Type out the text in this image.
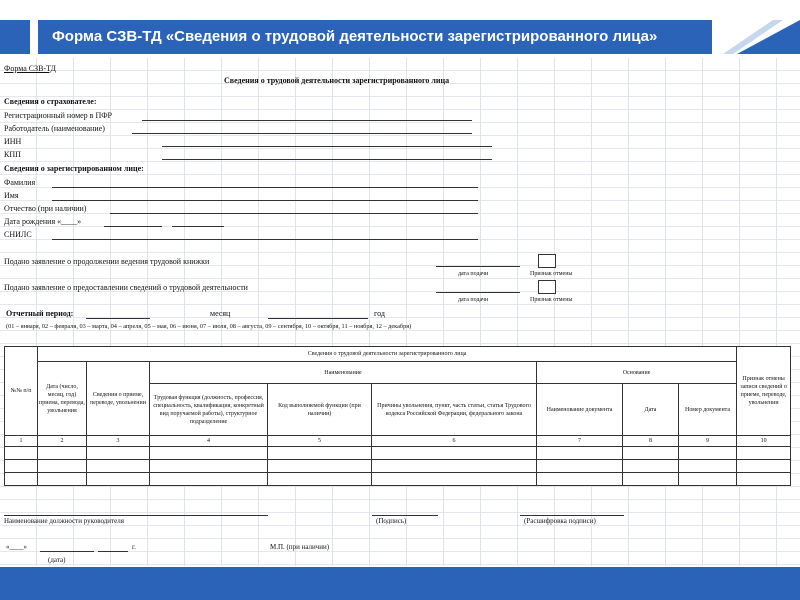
Форма СЗВ-ТД «Сведения о трудовой деятельности зарегистрированного лица»
Форма СЗВ-ТД
Сведения о трудовой деятельности зарегистрированного лица
Сведения о страхователе:
Регистрационный номер в ПФР
Работодатель (наименование)
ИНН
КПП
Сведения о зарегистрированном лице:
Фамилия
Имя
Отчество (при наличии)
Дата рождения «____»
СНИЛС
Подано заявление о продолжении ведения трудовой книжки
дата подачи	Признак отмены
Подано заявление о предоставлении сведений о трудовой деятельности
дата подачи	Признак отмены
Отчетный период:	месяц	год
(01 – января, 02 – февраля, 03 – марта, 04 – апреля, 05 – мая, 06 – июня, 07 – июля, 08 – августа, 09 – сентября, 10 – октября, 11 – ноября, 12 – декабря)
№№ п/п	Сведения о трудовой деятельности зарегистрированного лица								Признак отмены записи сведений о приеме, переводе, увольнении
	Дата (число, месяц, год) приема, перевода, увольнения	Сведения о приеме, переводе, увольнении	Наименование			Основание			
			Трудовая функция (должность, профессия, специальность, квалификация, конкретный вид поручаемой работы), структурное подразделение	Код выполняемой функции (при наличии)	Причины увольнения, пункт, часть статьи, статья Трудового кодекса Российской Федерации, федерального закона	Наименование документа	Дата	Номер документа	
1	2	3	4	5	6	7	8	9	10

Наименование должности руководителя	(Подпись)	(Расшифровка подписи)
«____»	г.	М.П. (при наличии)
(дата)
